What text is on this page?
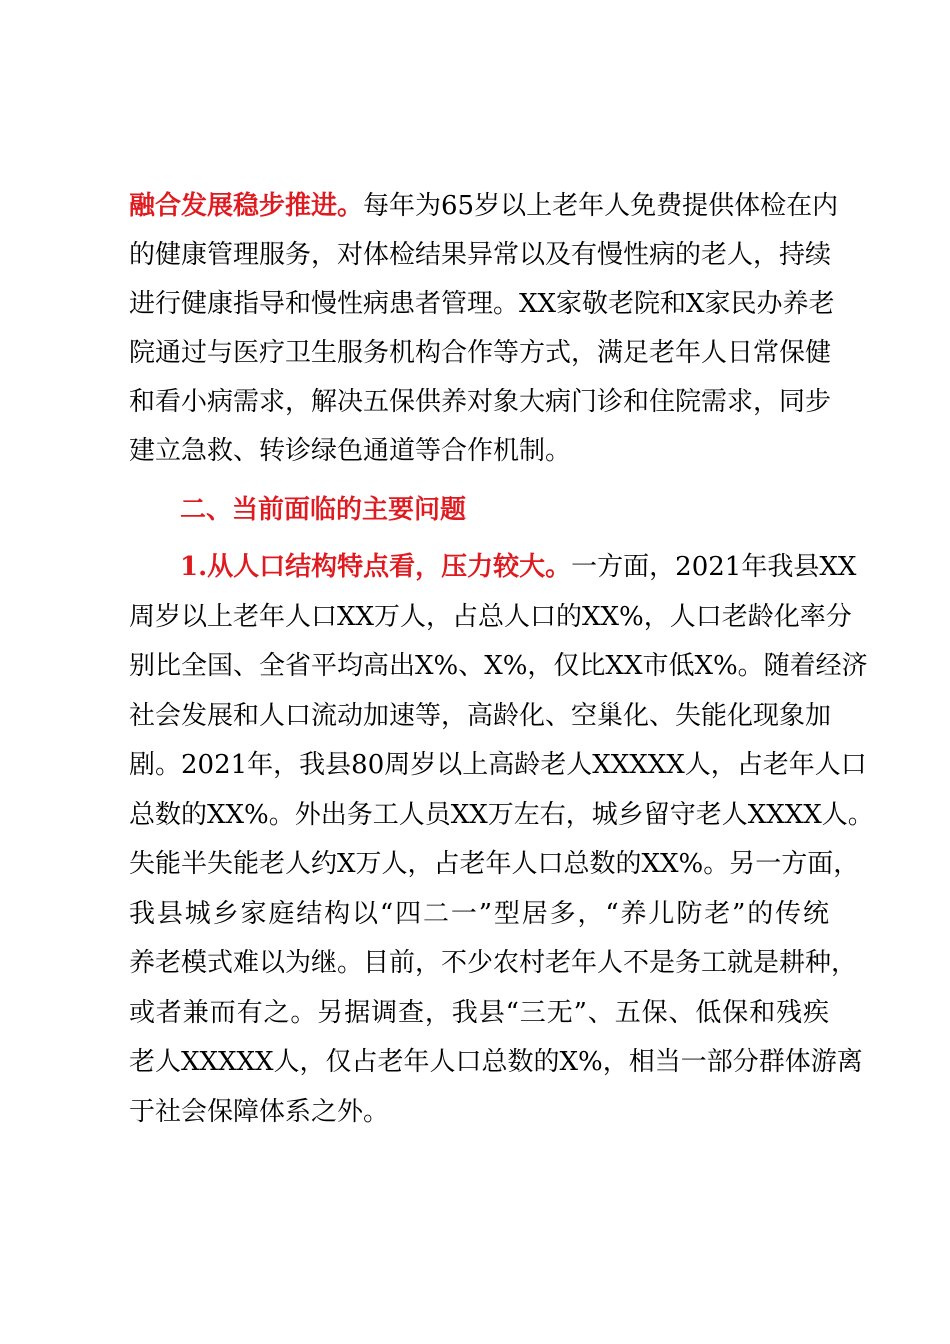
融合发展稳步推进。每年为65岁以上老年人免费提供体检在内
的健康管理服务，对体检结果异常以及有慢性病的老人，持续
进行健康指导和慢性病患者管理。XX家敬老院和X家民办养老
院通过与医疗卫生服务机构合作等方式，满足老年人日常保健
和看小病需求，解决五保供养对象大病门诊和住院需求，同步
建立急救、转诊绿色通道等合作机制。
二、当前面临的主要问题
1.从人口结构特点看，压力较大。一方面，2021年我县XX
周岁以上老年人口XX万人，占总人口的XX%，人口老龄化率分
别比全国、全省平均高出X%、X%，仅比XX市低X%。随着经济
社会发展和人口流动加速等，高龄化、空巢化、失能化现象加
剧。2021年，我县80周岁以上高龄老人XXXXX人，占老年人口
总数的XX%。外出务工人员XX万左右，城乡留守老人XXXX人。
失能半失能老人约X万人，占老年人口总数的XX%。另一方面，
我县城乡家庭结构以“四二一”型居多，“养儿防老”的传统
养老模式难以为继。目前，不少农村老年人不是务工就是耕种，
或者兼而有之。另据调查，我县“三无”、五保、低保和残疾
老人XXXXX人，仅占老年人口总数的X%，相当一部分群体游离
于社会保障体系之外。
